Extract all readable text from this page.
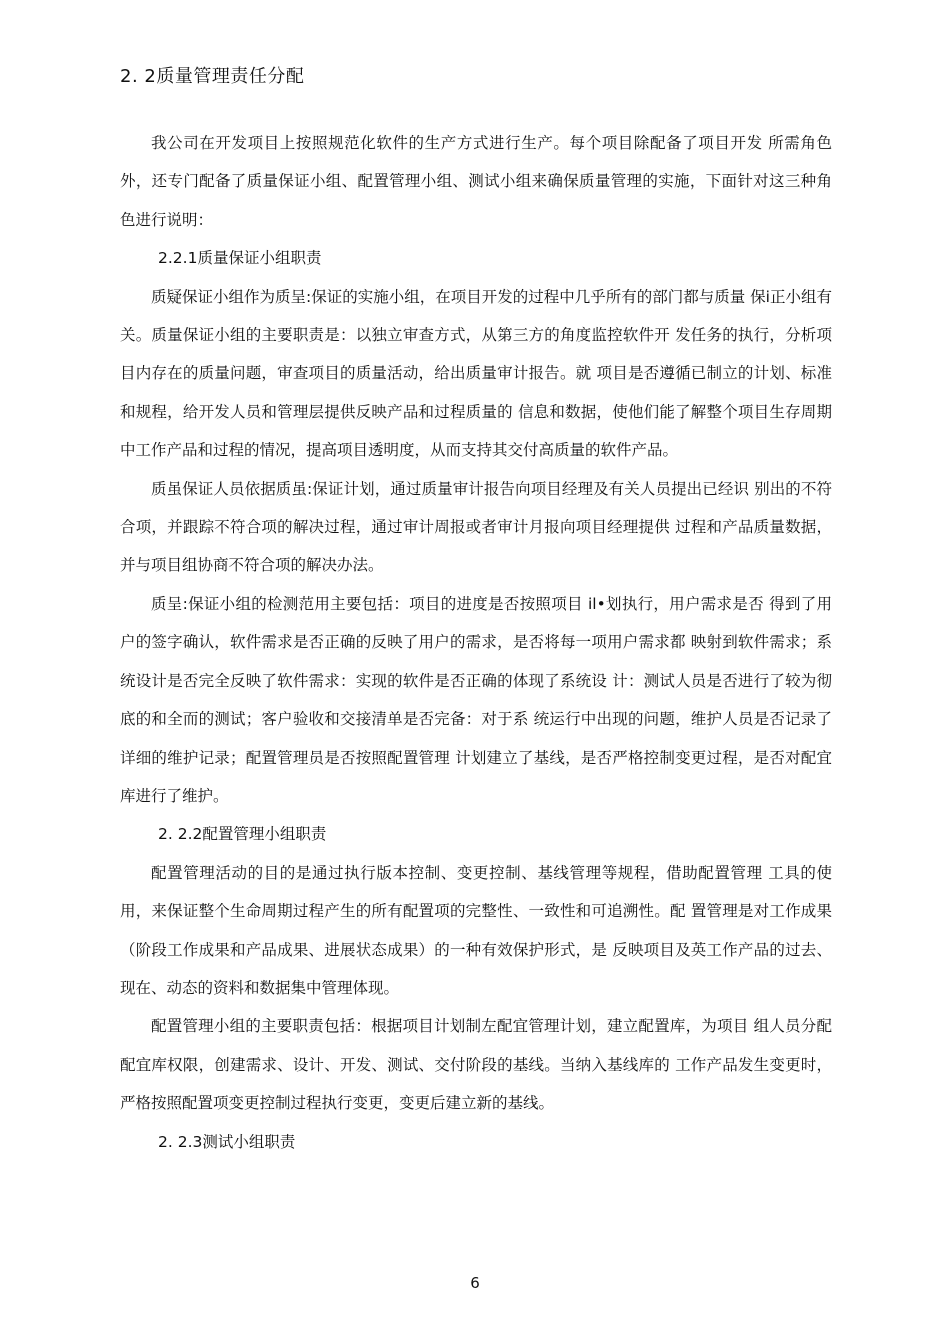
2. 2质量管理责任分配

我公司在开发项目上按照规范化软件的生产方式进行生产。每个项目除配备了项目开发 所需角色外，还专门配备了质量保证小组、配置管理小组、测试小组来确保质量管理的实施，下面针对这三种角色进行说明：

2.2.1质量保证小组职责

质疑保证小组作为质呈:保证的实施小组，在项目开发的过程中几乎所有的部门都与质量 保i正小组有关。质量保证小组的主要职责是：以独立审查方式，从第三方的角度监控软件开 发任务的执行，分析项目内存在的质量问题，审查项目的质量活动，给出质量审计报告。就 项目是否遵循已制立的计划、标准和规程，给开发人员和管理层提供反映产品和过程质量的 信息和数据，使他们能了解整个项目生存周期中工作产品和过程的情况，提高项目透明度，从而支持其交付高质量的软件产品。

质虽保证人员依据质虽:保证计划，通过质量审计报告向项目经理及有关人员提出已经识 别出的不符合项，并跟踪不符合项的解决过程，通过审计周报或者审计月报向项目经理提供 过程和产品质量数据，并与项目组协商不符合项的解决办法。

质呈:保证小组的检测范用主要包括：项目的进度是否按照项目 il•划执行，用户需求是否 得到了用户的签字确认，软件需求是否正确的反映了用户的需求，是否将每一项用户需求都 映射到软件需求；系统设计是否完全反映了软件需求：实现的软件是否正确的体现了系统设 计：测试人员是否进行了较为彻底的和全而的测试；客户验收和交接清单是否完备：对于系 统运行中出现的问题，维护人员是否记录了详细的维护记录；配置管理员是否按照配置管理 计划建立了基线，是否严格控制变更过程，是否对配宜库进行了维护。

2. 2.2配置管理小组职责

配置管理活动的目的是通过执行版本控制、变更控制、基线管理等规程，借助配置管理 工具的使用，来保证整个生命周期过程产生的所有配置项的完整性、一致性和可追溯性。配 置管理是对工作成果（阶段工作成果和产品成果、进展状态成果）的一种有效保护形式，是 反映项目及英工作产品的过去、现在、动态的资料和数据集中管理体现。

配置管理小组的主要职责包括：根据项目计划制左配宜管理计划，建立配置库，为项目 组人员分配配宜库权限，创建需求、设计、开发、测试、交付阶段的基线。当纳入基线库的 工作产品发生变更时，严格按照配置项变更控制过程执行变更，变更后建立新的基线。

2. 2.3测试小组职责

6
